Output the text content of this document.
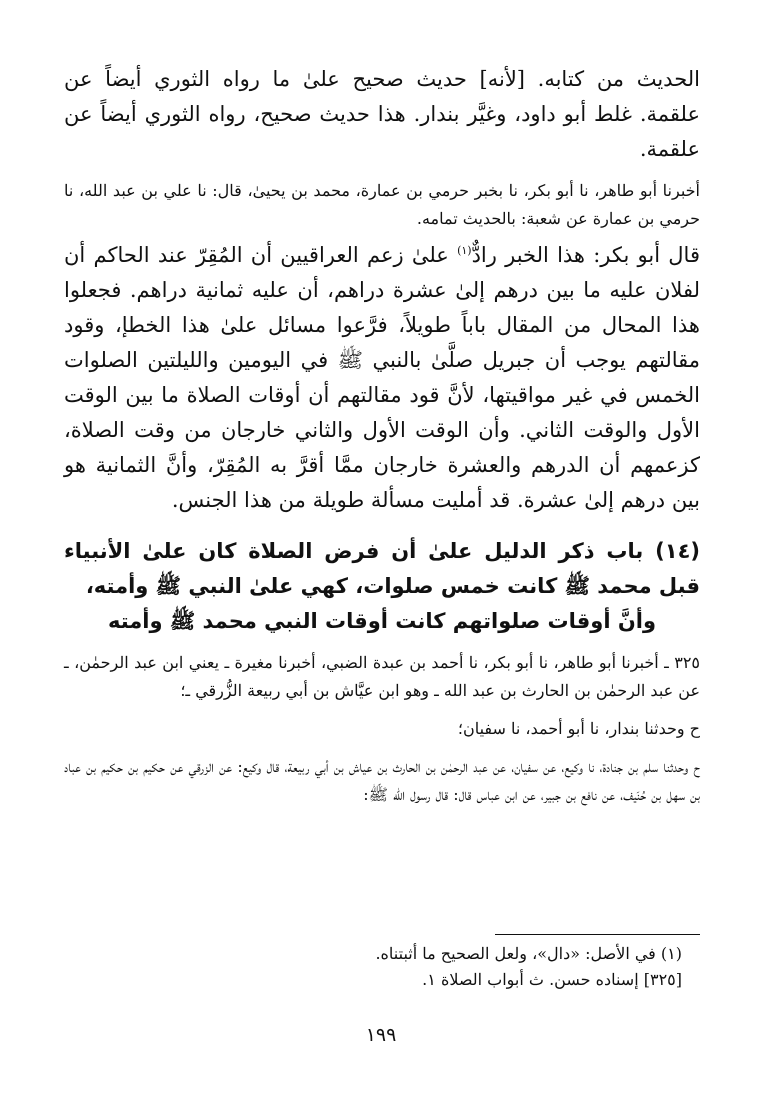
الحديث من كتابه. [لأنه] حديث صحيح علىٰ ما رواه الثوري أيضاً عن علقمة. غلط أبو داود، وغيَّر بندار. هذا حديث صحيح، رواه الثوري أيضاً عن علقمة.

أخبرنا أبو طاهر، نا أبو بكر، نا بخبر حرمي بن عمارة، محمد بن يحيىٰ، قال: نا علي بن عبد الله، نا حرمي بن عمارة عن شعبة: بالحديث تمامه.

قال أبو بكر: هذا الخبر رادٌّ$^{(١)}$ علىٰ زعم العراقيين أن المُقِرّ عند الحاكم أن لفلان عليه ما بين درهم إلىٰ عشرة دراهم، أن عليه ثمانية دراهم. فجعلوا هذا المحال من المقال باباً طويلاً، فرَّعوا مسائل علىٰ هذا الخطإ، وقود مقالتهم يوجب أن جبريل صلَّىٰ بالنبي ﷺ في اليومين والليلتين الصلوات الخمس في غير مواقيتها، لأنَّ قود مقالتهم أن أوقات الصلاة ما بين الوقت الأول والوقت الثاني. وأن الوقت الأول والثاني خارجان من وقت الصلاة، كزعمهم أن الدرهم والعشرة خارجان ممَّا أقرَّ به المُقِرّ، وأنَّ الثمانية هو بين درهم إلىٰ عشرة. قد أمليت مسألة طويلة من هذا الجنس.

(١٤) باب ذكر الدليل علىٰ أن فرض الصلاة كان علىٰ الأنبياء قبل محمد ﷺ كانت خمس صلوات، كهي علىٰ النبي ﷺ وأمته،
وأنَّ أوقات صلواتهم كانت أوقات النبي محمد ﷺ وأمته

٣٢٥ ـ أخبرنا أبو طاهر، نا أبو بكر، نا أحمد بن عبدة الضبي، أخبرنا مغيرة ـ يعني ابن عبد الرحمٰن، ـ عن عبد الرحمٰن بن الحارث بن عبد الله ـ وهو ابن عيَّاش بن أبي ربيعة الزُّرقي ـ؛

ح وحدثنا بندار، نا أبو أحمد، نا سفيان؛

ح وحدثنا سلم بن جنادة، نا وكيع، عن سفيان، عن عبد الرحمٰن بن الحارث بن عياش بن أبي ربيعة، قال وكيع: عن الزرقي عن حكيم بن حكيم بن عباد بن سهل بن حُنَيف، عن نافع بن جبير، عن ابن عباس قال: قال رسول الله ﷺ:

(١) في الأصل: «دال»، ولعل الصحيح ما أثبتناه.

[٣٢٥] إسناده حسن. ث أبواب الصلاة ١.

١٩٩
